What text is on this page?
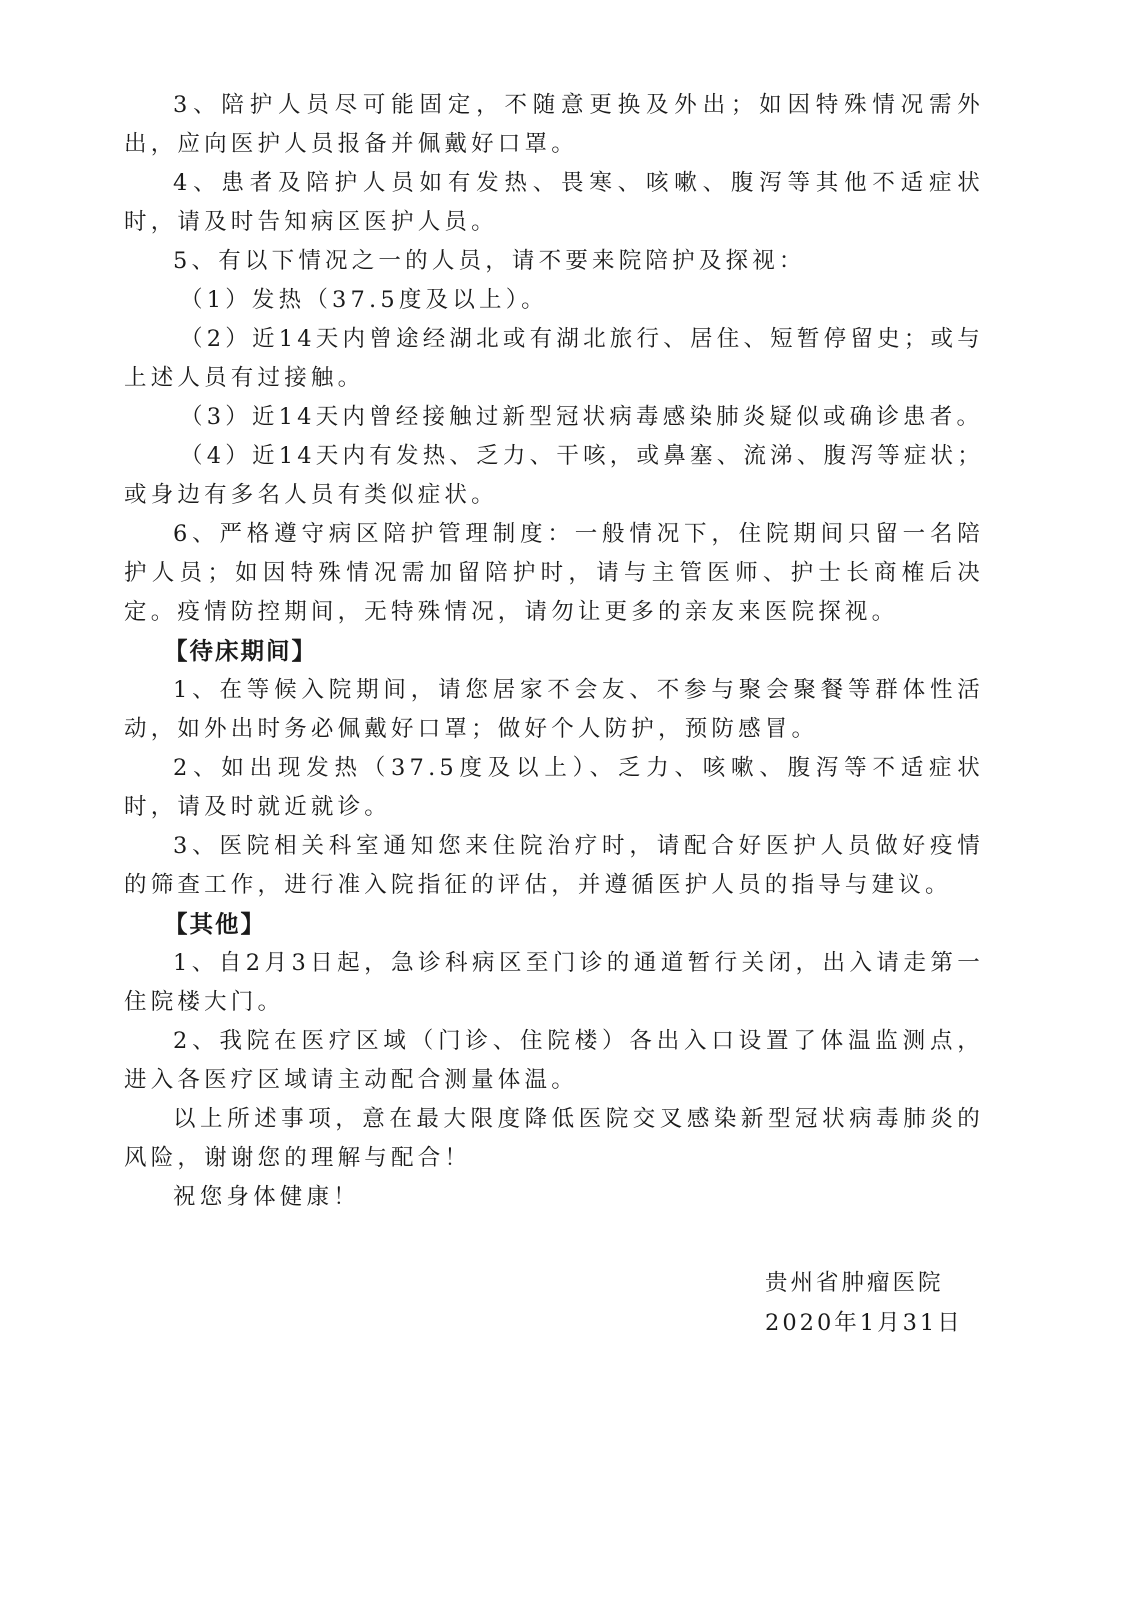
3、陪护人员尽可能固定，不随意更换及外出；如因特殊情况需外出，应向医护人员报备并佩戴好口罩。

4、患者及陪护人员如有发热、畏寒、咳嗽、腹泻等其他不适症状时，请及时告知病区医护人员。

5、有以下情况之一的人员，请不要来院陪护及探视：

（1）发热（37.5度及以上）。

（2）近14天内曾途经湖北或有湖北旅行、居住、短暂停留史；或与上述人员有过接触。

（3）近14天内曾经接触过新型冠状病毒感染肺炎疑似或确诊患者。

（4）近14天内有发热、乏力、干咳，或鼻塞、流涕、腹泻等症状；或身边有多名人员有类似症状。

6、严格遵守病区陪护管理制度：一般情况下，住院期间只留一名陪护人员；如因特殊情况需加留陪护时，请与主管医师、护士长商榷后决定。疫情防控期间，无特殊情况，请勿让更多的亲友来医院探视。

【待床期间】

1、在等候入院期间，请您居家不会友、不参与聚会聚餐等群体性活动，如外出时务必佩戴好口罩；做好个人防护，预防感冒。

2、如出现发热（37.5度及以上）、乏力、咳嗽、腹泻等不适症状时，请及时就近就诊。

3、医院相关科室通知您来住院治疗时，请配合好医护人员做好疫情的筛查工作，进行准入院指征的评估，并遵循医护人员的指导与建议。

【其他】

1、自2月3日起，急诊科病区至门诊的通道暂行关闭，出入请走第一住院楼大门。

2、我院在医疗区域（门诊、住院楼）各出入口设置了体温监测点，进入各医疗区域请主动配合测量体温。

以上所述事项，意在最大限度降低医院交叉感染新型冠状病毒肺炎的风险，谢谢您的理解与配合！

祝您身体健康！

贵州省肿瘤医院
2020年1月31日
